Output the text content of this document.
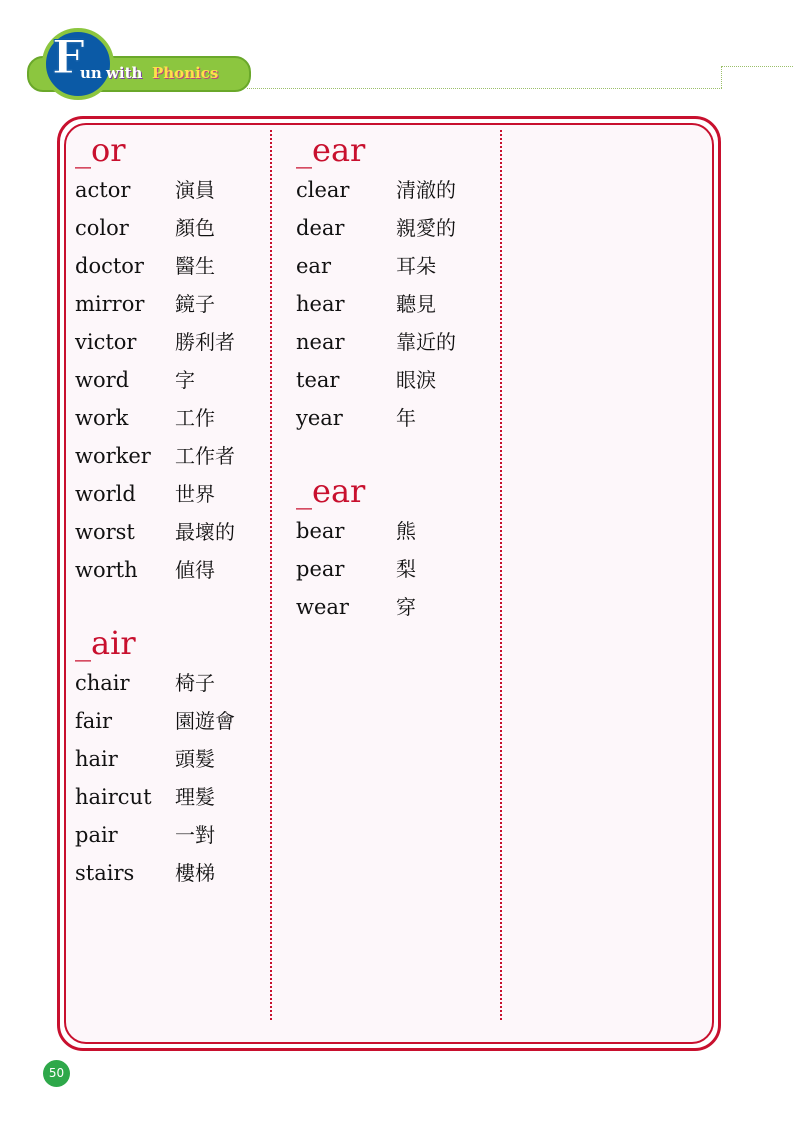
F
un with Phonics
_or
actor 演員
color 顏色
doctor 醫生
mirror 鏡子
victor 勝利者
word 字
work 工作
worker 工作者
world 世界
worst 最壞的
worth 値得
_air
chair 椅子
fair	園遊會
hair	頭髮
haircut 理髮
pair	一對
stairs 樓梯
_ear
clear 清澈的
dear	親愛的
ear	耳朵
hear	聽見
near	靠近的
tear	眼淚
year	年
_ear
bear	熊
pear	梨
wear 穿
50
